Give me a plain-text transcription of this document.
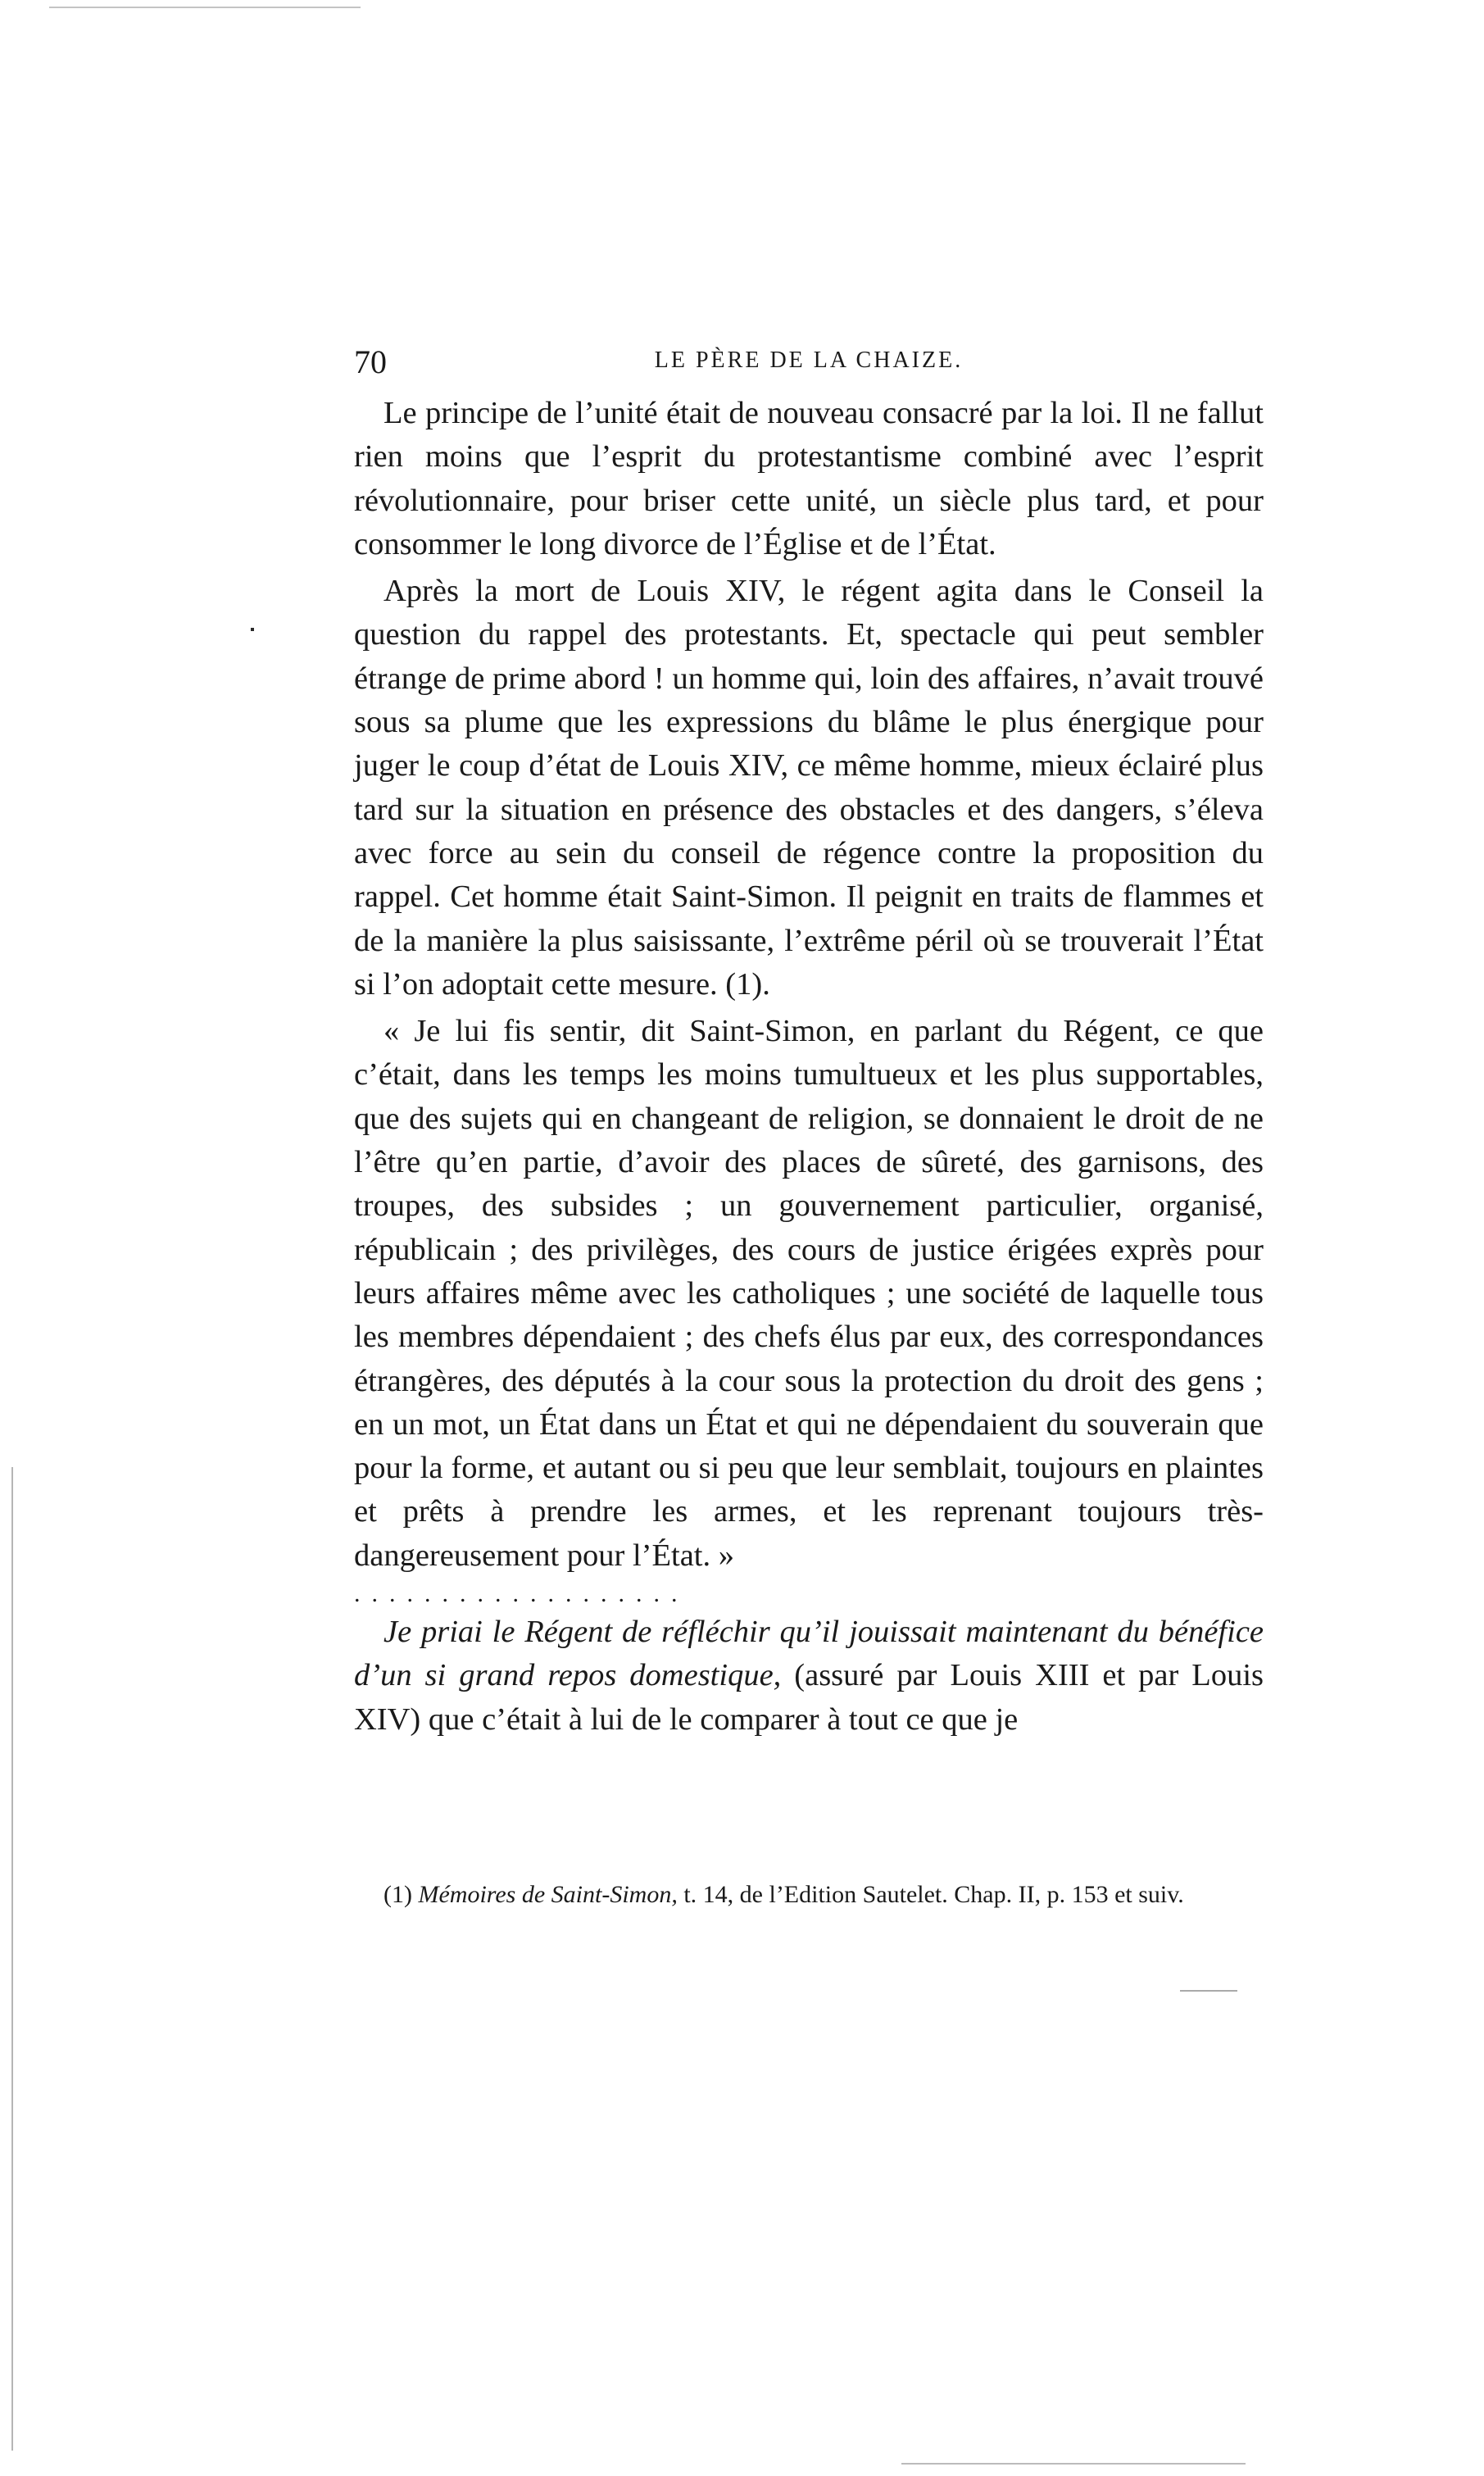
70	LE PÈRE DE LA CHAIZE.

Le principe de l’unité était de nouveau consacré par la loi. Il ne fallut rien moins que l’esprit du protestantisme combiné avec l’esprit révolutionnaire, pour briser cette unité, un siècle plus tard, et pour consommer le long divorce de l’Église et de l’État.

Après la mort de Louis XIV, le régent agita dans le Conseil la question du rappel des protestants. Et, spectacle qui peut sembler étrange de prime abord ! un homme qui, loin des affaires, n’avait trouvé sous sa plume que les expressions du blâme le plus énergique pour juger le coup d’état de Louis XIV, ce même homme, mieux éclairé plus tard sur la situation en présence des obstacles et des dangers, s’éleva avec force au sein du conseil de régence contre la proposition du rappel. Cet homme était Saint-Simon. Il peignit en traits de flammes et de la manière la plus saisissante, l’extrême péril où se trouverait l’État si l’on adoptait cette mesure. (1).

« Je lui fis sentir, dit Saint-Simon, en parlant du Régent, ce que c’était, dans les temps les moins tumultueux et les plus supportables, que des sujets qui en changeant de religion, se donnaient le droit de ne l’être qu’en partie, d’avoir des places de sûreté, des garnisons, des troupes, des subsides ; un gouvernement particulier, organisé, républicain ; des privilèges, des cours de justice érigées exprès pour leurs affaires même avec les catholiques ; une société de laquelle tous les membres dépendaient ; des chefs élus par eux, des correspondances étrangères, des députés à la cour sous la protection du droit des gens ; en un mot, un État dans un État et qui ne dépendaient du souverain que pour la forme, et autant ou si peu que leur semblait, toujours en plaintes et prêts à prendre les armes, et les reprenant toujours très-dangereusement pour l’État. »

...................

Je priai le Régent de réfléchir qu’il jouissait maintenant du bénéfice d’un si grand repos domestique, (assuré par Louis XIII et par Louis XIV) que c’était à lui de le comparer à tout ce que je

(1) Mémoires de Saint-Simon, t. 14, de l’Edition Sautelet. Chap. II, p. 153 et suiv.
